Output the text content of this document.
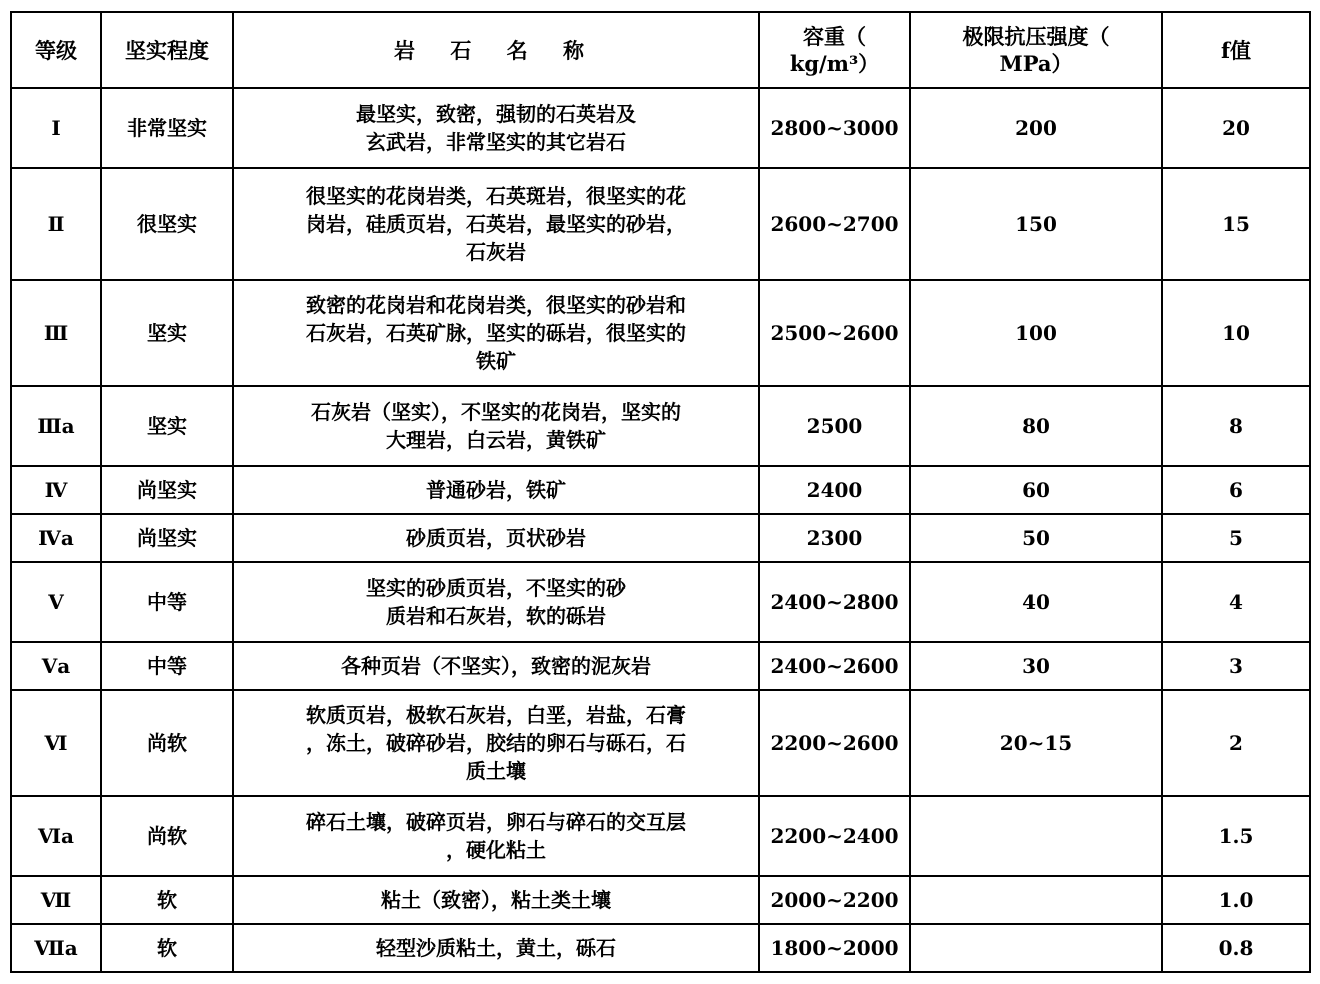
等级	坚实程度	岩 石 名 称	容重（
kg/m³）	极限抗压强度（
MPa）	f值
Ⅰ	非常坚实	最坚实，致密，强韧的石英岩及
玄武岩，非常坚实的其它岩石	2800~3000	200	20
Ⅱ	很坚实	很坚实的花岗岩类，石英斑岩，很坚实的花
岗岩，硅质页岩，石英岩，最坚实的砂岩，
石灰岩	2600~2700	150	15
Ⅲ	坚实	致密的花岗岩和花岗岩类，很坚实的砂岩和
石灰岩，石英矿脉，坚实的砾岩，很坚实的
铁矿	2500~2600	100	10
Ⅲa	坚实	石灰岩（坚实），不坚实的花岗岩，坚实的
大理岩，白云岩，黄铁矿	2500	80	8
Ⅳ	尚坚实	普通砂岩，铁矿	2400	60	6
Ⅳa	尚坚实	砂质页岩，页状砂岩	2300	50	5
Ⅴ	中等	坚实的砂质页岩，不坚实的砂
质岩和石灰岩，软的砾岩	2400~2800	40	4
Ⅴa	中等	各种页岩（不坚实），致密的泥灰岩	2400~2600	30	3
Ⅵ	尚软	软质页岩，极软石灰岩，白垩，岩盐，石膏
，冻土，破碎砂岩，胶结的卵石与砾石，石
质土壤	2200~2600	20~15	2
Ⅵa	尚软	碎石土壤，破碎页岩，卵石与碎石的交互层
，硬化粘土	2200~2400		1.5
Ⅶ	软	粘土（致密），粘土类土壤	2000~2200		1.0
Ⅶa	软	轻型沙质粘土，黄土，砾石	1800~2000		0.8
